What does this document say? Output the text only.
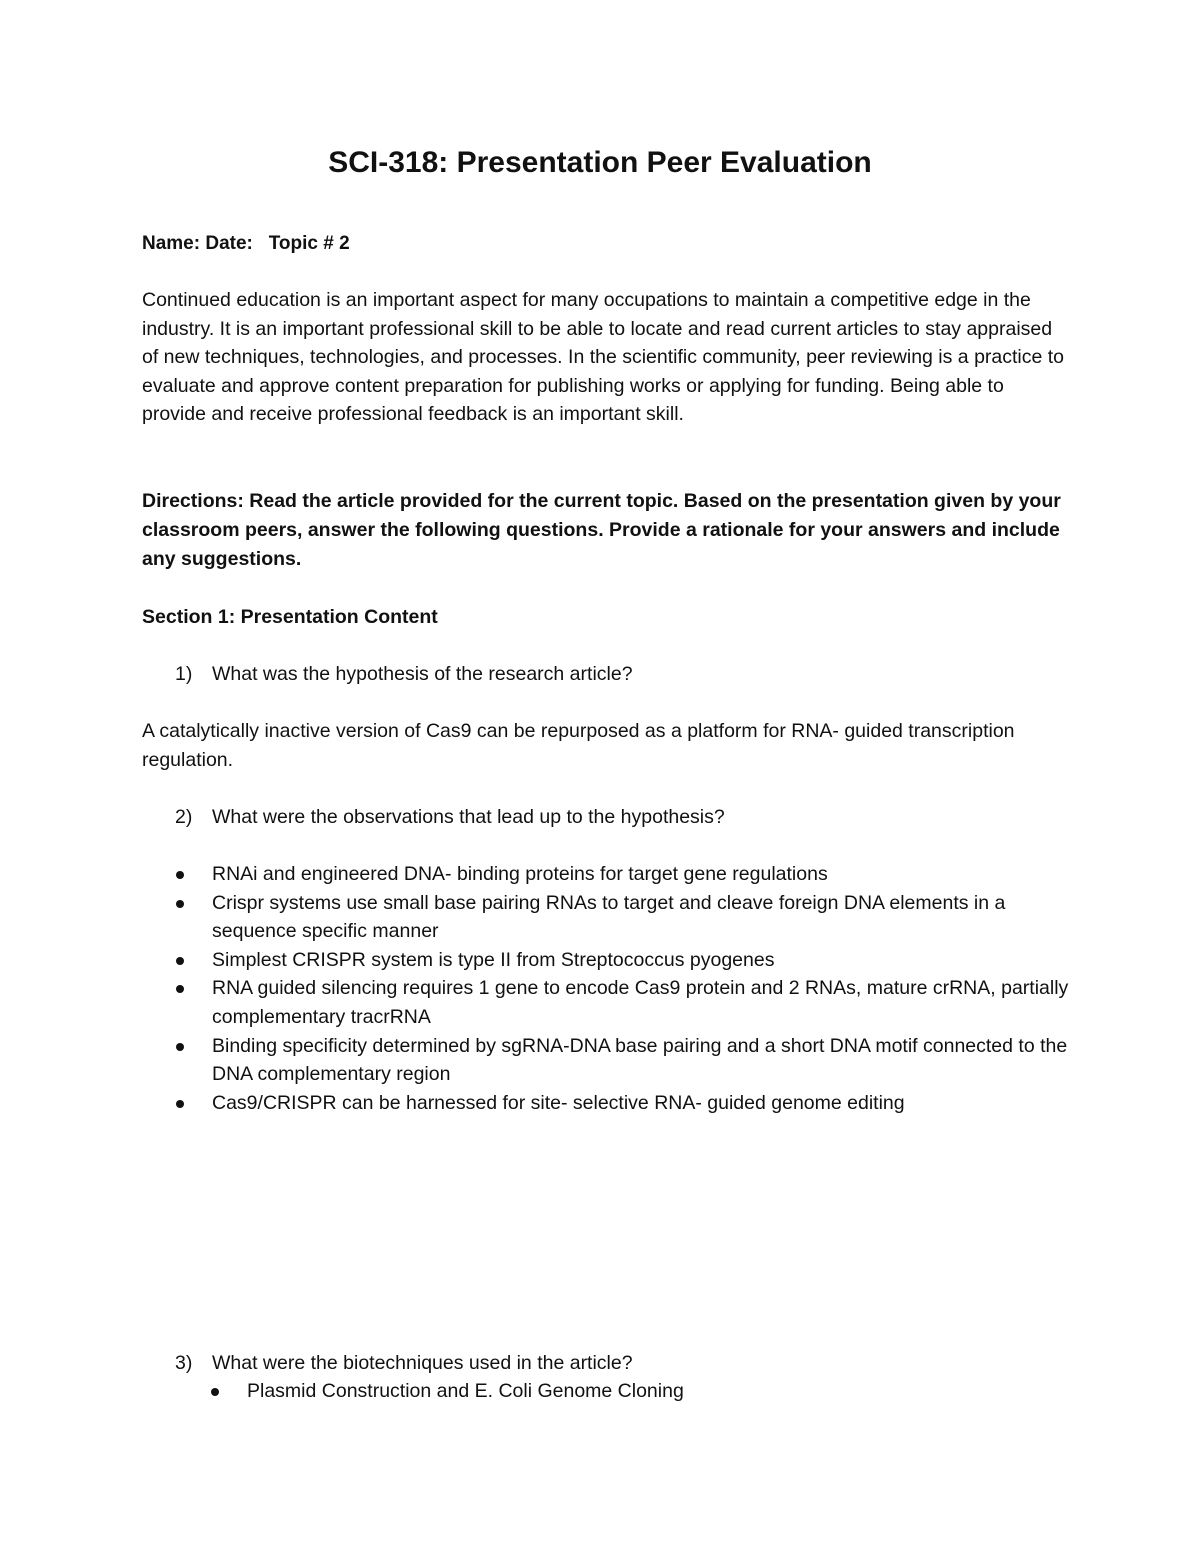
SCI-318: Presentation Peer Evaluation
Name: Date:   Topic # 2
Continued education is an important aspect for many occupations to maintain a competitive edge in the industry. It is an important professional skill to be able to locate and read current articles to stay appraised of new techniques, technologies, and processes. In the scientific community, peer reviewing is a practice to evaluate and approve content preparation for publishing works or applying for funding. Being able to provide and receive professional feedback is an important skill.
Directions: Read the article provided for the current topic. Based on the presentation given by your classroom peers, answer the following questions. Provide a rationale for your answers and include any suggestions.
Section 1: Presentation Content
1) What was the hypothesis of the research article?
A catalytically inactive version of Cas9 can be repurposed as a platform for RNA- guided transcription regulation.
2) What were the observations that lead up to the hypothesis?
RNAi and engineered DNA- binding proteins for target gene regulations
Crispr systems use small base pairing RNAs to target and cleave foreign DNA elements in a sequence specific manner
Simplest CRISPR system is type II from Streptococcus pyogenes
RNA guided silencing requires 1 gene to encode Cas9 protein and 2 RNAs, mature crRNA, partially complementary tracrRNA
Binding specificity determined by sgRNA-DNA base pairing and a short DNA motif connected to the DNA complementary region
Cas9/CRISPR can be harnessed for site- selective RNA- guided genome editing
3) What were the biotechniques used in the article?
Plasmid Construction and E. Coli Genome Cloning
